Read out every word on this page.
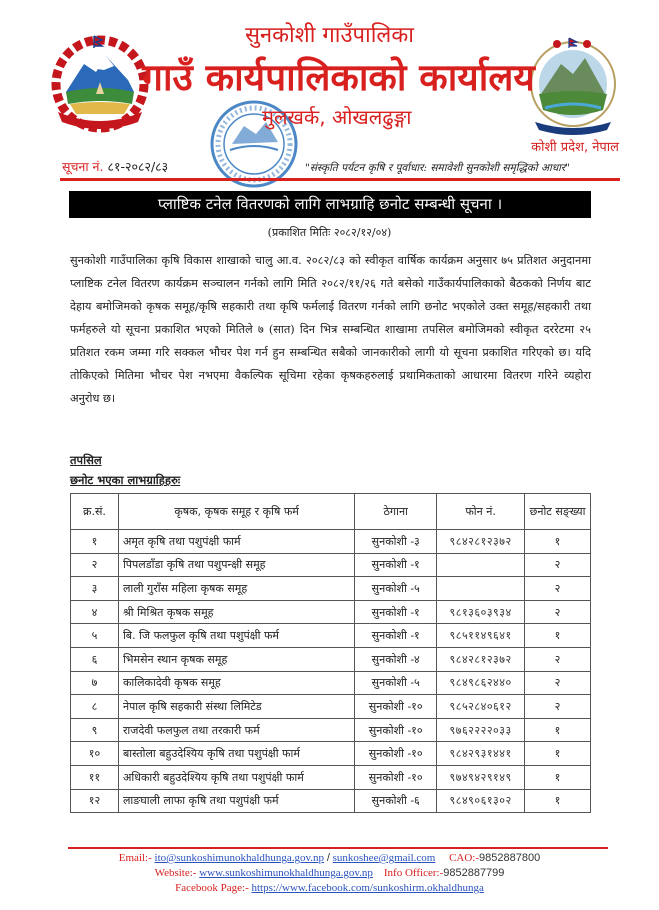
सुनकोशी गाउँपालिका
गाउँ कार्यपालिकाको कार्यालय
मुलखर्क, ओखलढुङ्गा
कोशी प्रदेश, नेपाल
सूचना नं. ८१-२०८२/८३	"संस्कृति पर्यटन कृषि र पूर्वाधार: समावेशी सुनकोशी समृद्धिको आधार"
प्लाष्टिक टनेल वितरणको लागि लाभग्राहि छनोट सम्बन्धी सूचना ।
(प्रकाशित मितिः २०८२/१२/०४)

सुनकोशी गाउँपालिका कृषि विकास शाखाको चालु आ.व. २०८२/८३ को स्वीकृत वार्षिक कार्यक्रम अनुसार ७५ प्रतिशत अनुदानमा प्लाष्टिक टनेल वितरण कार्यक्रम सञ्चालन गर्नको लागि मिति २०८२/११/२६ गते बसेको गाउँकार्यपालिकाको बैठकको निर्णय बाट देहाय बमोजिमको कृषक समूह/कृषि सहकारी तथा कृषि फर्मलाई वितरण गर्नको लागि छनोट भएकोले उक्त समूह/सहकारी तथा फर्महरुले यो सूचना प्रकाशित भएको मितिले ७ (सात) दिन भित्र सम्बन्धित शाखामा तपसिल बमोजिमको स्वीकृत दररेटमा २५ प्रतिशत रकम जम्मा गरि सक्कल भौचर पेश गर्न हुन सम्बन्धित सबैको जानकारीको लागी यो सूचना प्रकाशित गरिएको छ। यदि तोकिएको मितिमा भौचर पेश नभएमा वैकल्पिक सूचिमा रहेका कृषकहरुलाई प्रथामिकताको आधारमा वितरण गरिने व्यहोरा अनुरोध छ।

तपसिल
छनोट भएका लाभग्राहिहरुः
क्र.सं.	कृषक, कृषक समूह र कृषि फर्म	ठेगाना	फोन नं.	छनोट सङ्ख्या
१	अमृत कृषि तथा पशुपंक्षी फार्म	सुनकोशी -३	९८४२८१२३७२	१
२	पिपलडाँडा कृषि तथा पशुपन्क्षी समूह	सुनकोशी -१		२
३	लाली गुराँस महिला कृषक समूह	सुनकोशी -५		२
४	श्री मिश्रित कृषक समूह	सुनकोशी -१	९८१३६०३९३४	२
५	बि. जि फलफुल कृषि तथा पशुपंक्षी फर्म	सुनकोशी -१	९८५११४९६४१	१
६	भिमसेन स्थान कृषक समूह	सुनकोशी -४	९८४२८१२३७२	२
७	कालिकादेवी कृषक समूह	सुनकोशी -५	९८४९८६२४४०	२
८	नेपाल कृषि सहकारी संस्था लिमिटेड	सुनकोशी -१०	९८५२८४०६१२	२
९	राजदेवी फलफुल तथा तरकारी फर्म	सुनकोशी -१०	९७६२२२२०३३	१
१०	बास्तोला बहुउदेश्यिय कृषि तथा पशुपंक्षी फार्म	सुनकोशी -१०	९८४२९३१४४१	१
११	अधिकारी बहुउदेश्यिय कृषि तथा पशुपंक्षी फार्म	सुनकोशी -१०	९७४९४२९१४९	१
१२	लाङघाली लाफा कृषि तथा पशुपंक्षी फर्म	सुनकोशी -६	९८४९०६१३०२	१
Email:- ito@sunkoshimunokhaldhunga.gov.np / sunkoshee@gmail.com CAO:-9852887800
Website:- www.sunkoshimunokhaldhunga.gov.np Info Officer:-9852887799
Facebook Page:- https://www.facebook.com/sunkoshirm.okhaldhunga
